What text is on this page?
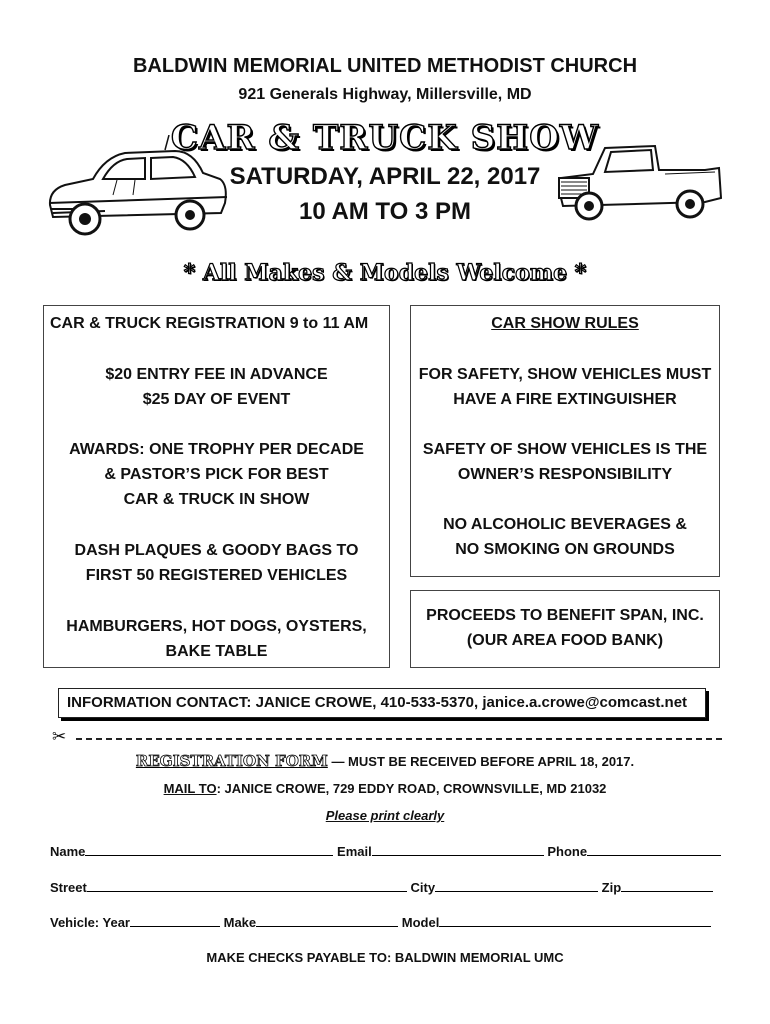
BALDWIN MEMORIAL UNITED METHODIST CHURCH
921 Generals Highway, Millersville, MD
CAR & TRUCK SHOW
SATURDAY, APRIL 22, 2017
10 AM TO 3 PM
* All Makes & Models Welcome *
CAR & TRUCK REGISTRATION 9 to 11 AM
$20 ENTRY FEE IN ADVANCE
$25 DAY OF EVENT
AWARDS: ONE TROPHY PER DECADE
& PASTOR’S PICK FOR BEST
CAR & TRUCK IN SHOW
DASH PLAQUES & GOODY BAGS TO
FIRST 50 REGISTERED VEHICLES
HAMBURGERS, HOT DOGS, OYSTERS,
BAKE TABLE
CAR SHOW RULES
FOR SAFETY, SHOW VEHICLES MUST
HAVE A FIRE EXTINGUISHER
SAFETY OF SHOW VEHICLES IS THE
OWNER’S RESPONSIBILITY
NO ALCOHOLIC BEVERAGES &
NO SMOKING ON GROUNDS
PROCEEDS TO BENEFIT SPAN, INC.
(OUR AREA FOOD BANK)
INFORMATION CONTACT: JANICE CROWE, 410-533-5370, janice.a.crowe@comcast.net
✂
REGISTRATION FORM — MUST BE RECEIVED BEFORE APRIL 18, 2017.
MAIL TO: JANICE CROWE, 729 EDDY ROAD, CROWNSVILLE, MD 21032
Please print clearly
Name	Email	Phone
Street	City	Zip
Vehicle: Year	Make	Model
MAKE CHECKS PAYABLE TO: BALDWIN MEMORIAL UMC
